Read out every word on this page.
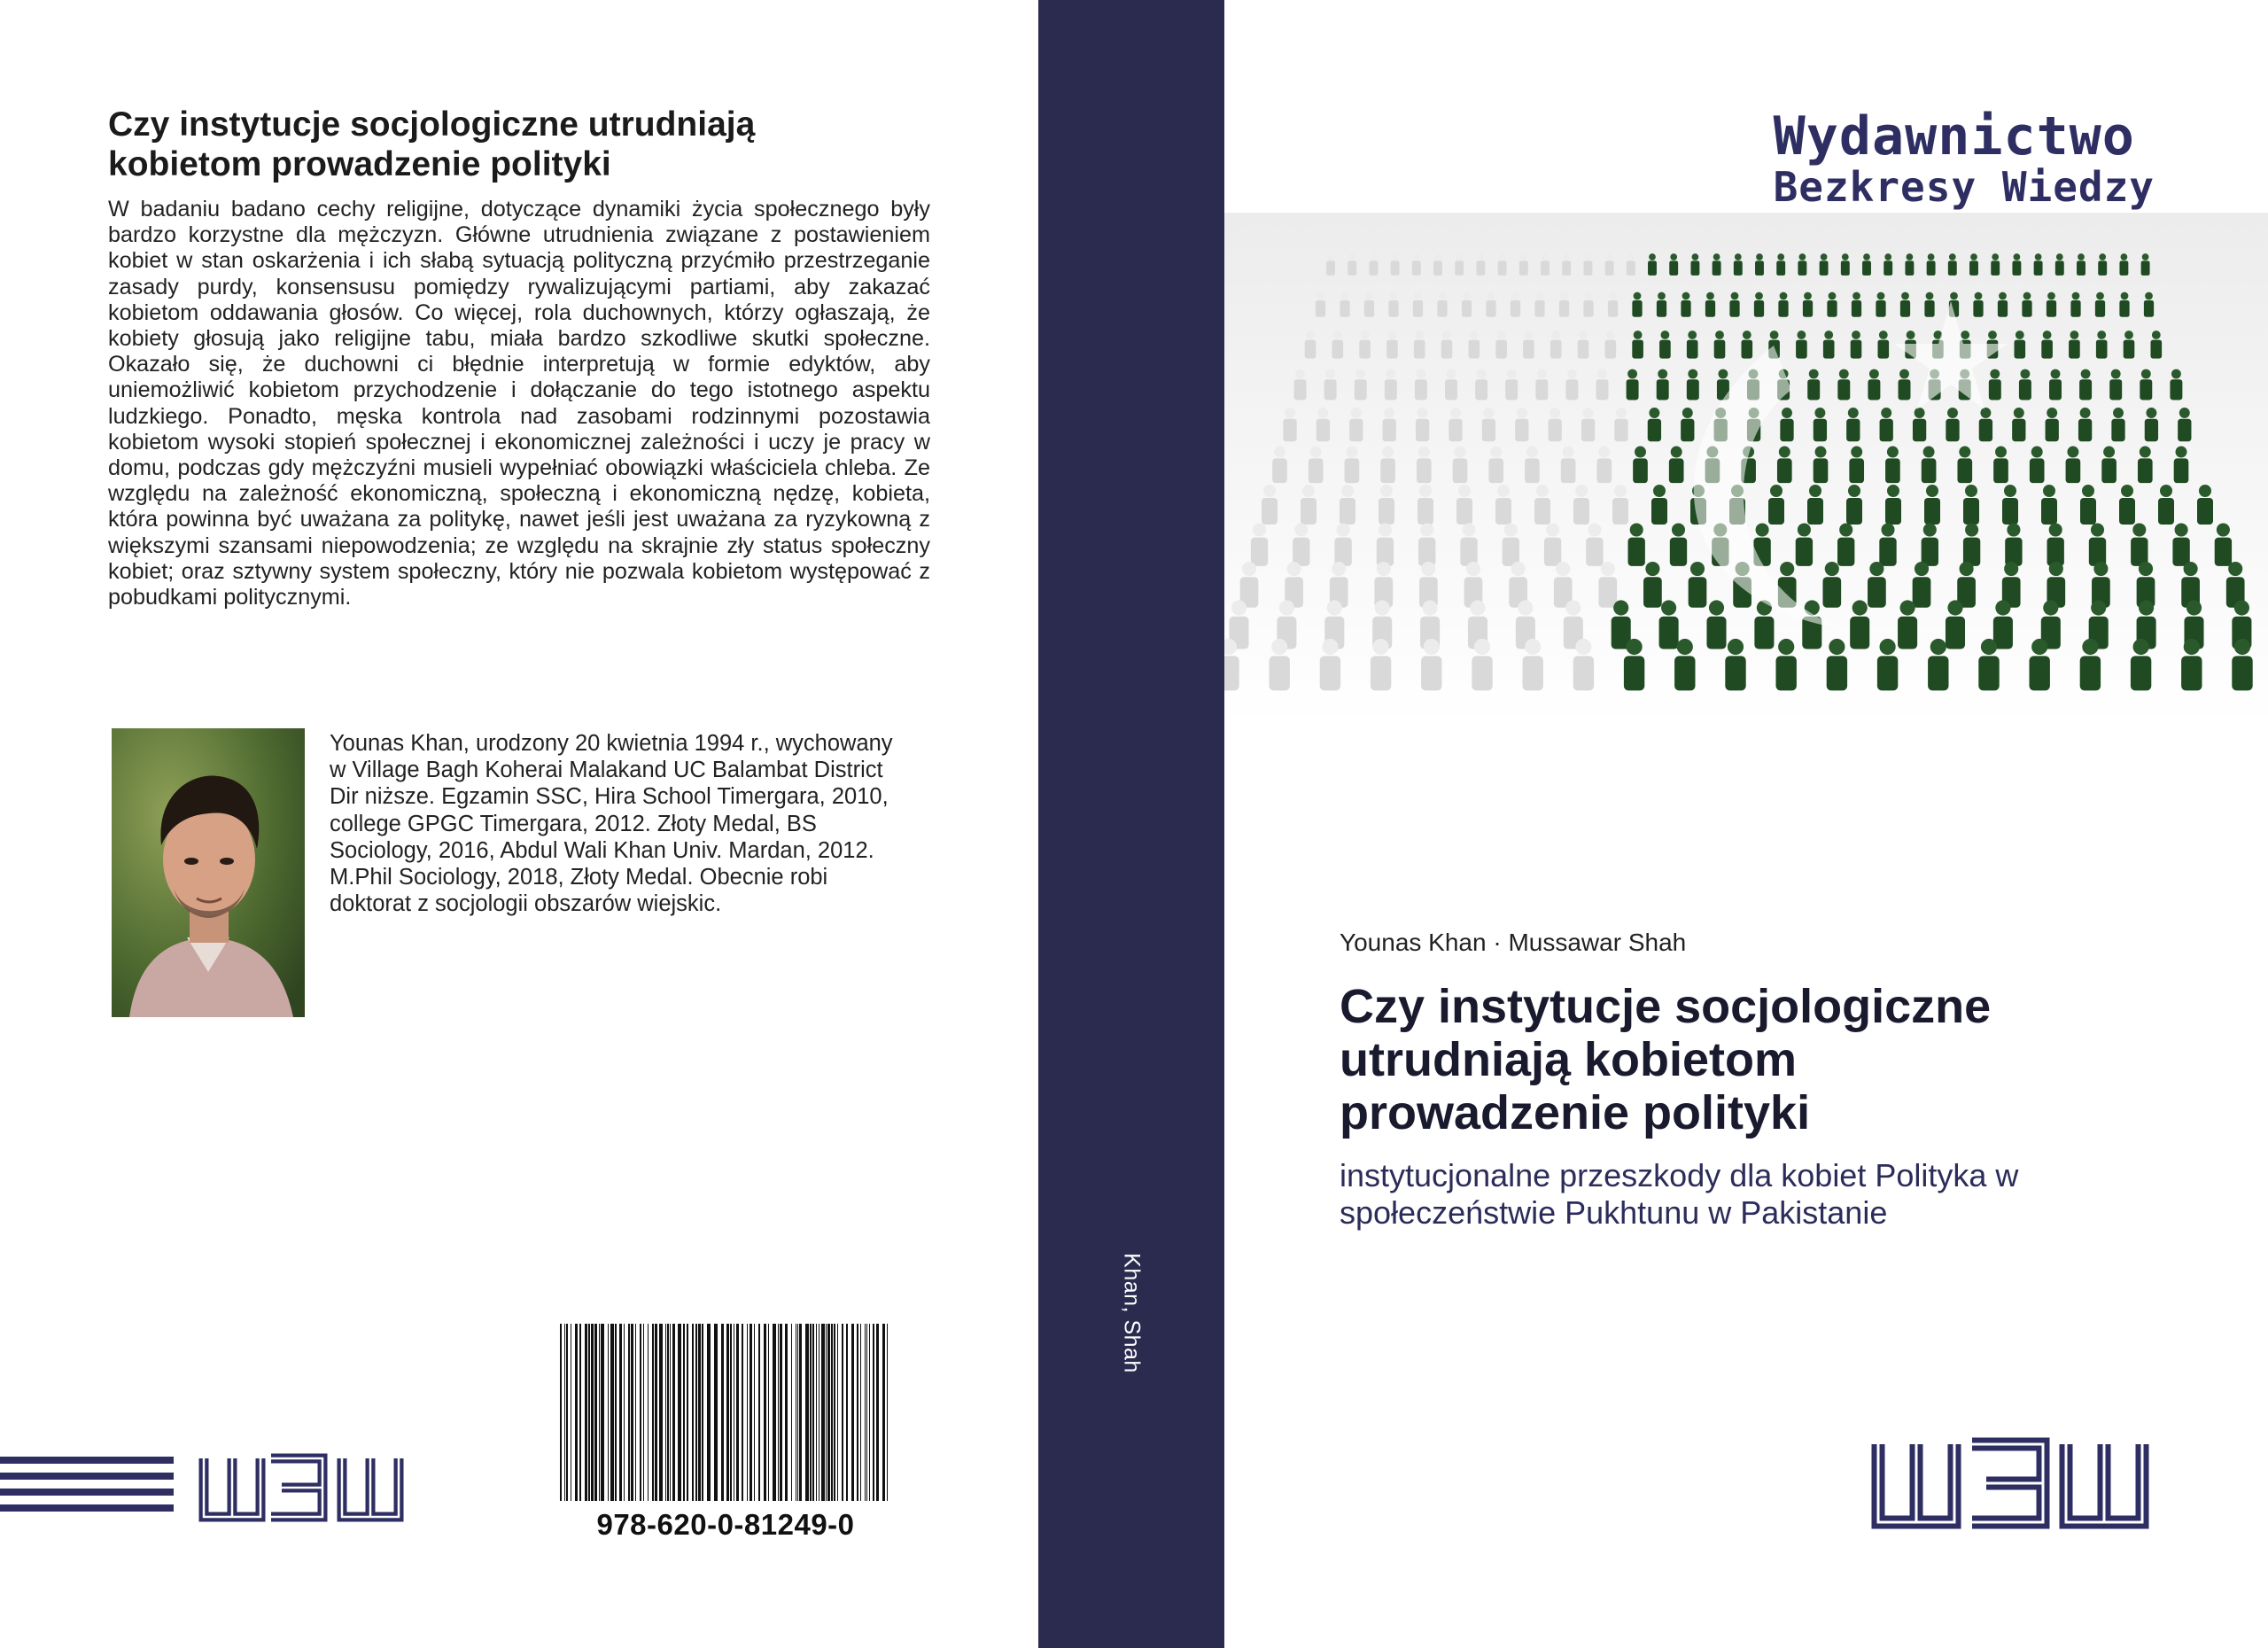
Czy instytucje socjologiczne utrudniają
kobietom prowadzenie polityki
W badaniu badano cechy religijne, dotyczące dynamiki życia społecznego były bardzo korzystne dla mężczyzn. Główne utrudnienia związane z postawieniem kobiet w stan oskarżenia i ich słabą sytuacją polityczną przyćmiło przestrzeganie zasady purdy, konsensusu pomiędzy rywalizującymi partiami, aby zakazać kobietom oddawania głosów. Co więcej, rola duchownych, którzy ogłaszają, że kobiety głosują jako religijne tabu, miała bardzo szkodliwe skutki społeczne. Okazało się, że duchowni ci błędnie interpretują w formie edyktów, aby uniemożliwić kobietom przychodzenie i dołączanie do tego istotnego aspektu ludzkiego. Ponadto, męska kontrola nad zasobami rodzinnymi pozostawia kobietom wysoki stopień społecznej i ekonomicznej zależności i uczy je pracy w domu, podczas gdy mężczyźni musieli wypełniać obowiązki właściciela chleba. Ze względu na zależność ekonomiczną, społeczną i ekonomiczną nędzę, kobieta, która powinna być uważana za politykę, nawet jeśli jest uważana za ryzykowną z większymi szansami niepowodzenia; ze względu na skrajnie zły status społeczny kobiet; oraz sztywny system społeczny, który nie pozwala kobietom występować z pobudkami politycznymi.
Younas Khan, urodzony 20 kwietnia 1994 r., wychowany w Village Bagh Koherai Malakand UC Balambat District Dir niższe. Egzamin SSC, Hira School Timergara, 2010, college GPGC Timergara, 2012. Złoty Medal, BS Sociology, 2016, Abdul Wali Khan Univ. Mardan, 2012. M.Phil Sociology, 2018, Złoty Medal. Obecnie robi doktorat z socjologii obszarów wiejskic.
978-620-0-81249-0
Khan, Shah
Wydawnictwo
Bezkresy Wiedzy
Younas Khan · Mussawar Shah
Czy instytucje socjologiczne
utrudniają kobietom
prowadzenie polityki
instytucjonalne przeszkody dla kobiet Polityka w
społeczeństwie Pukhtunu w Pakistanie
